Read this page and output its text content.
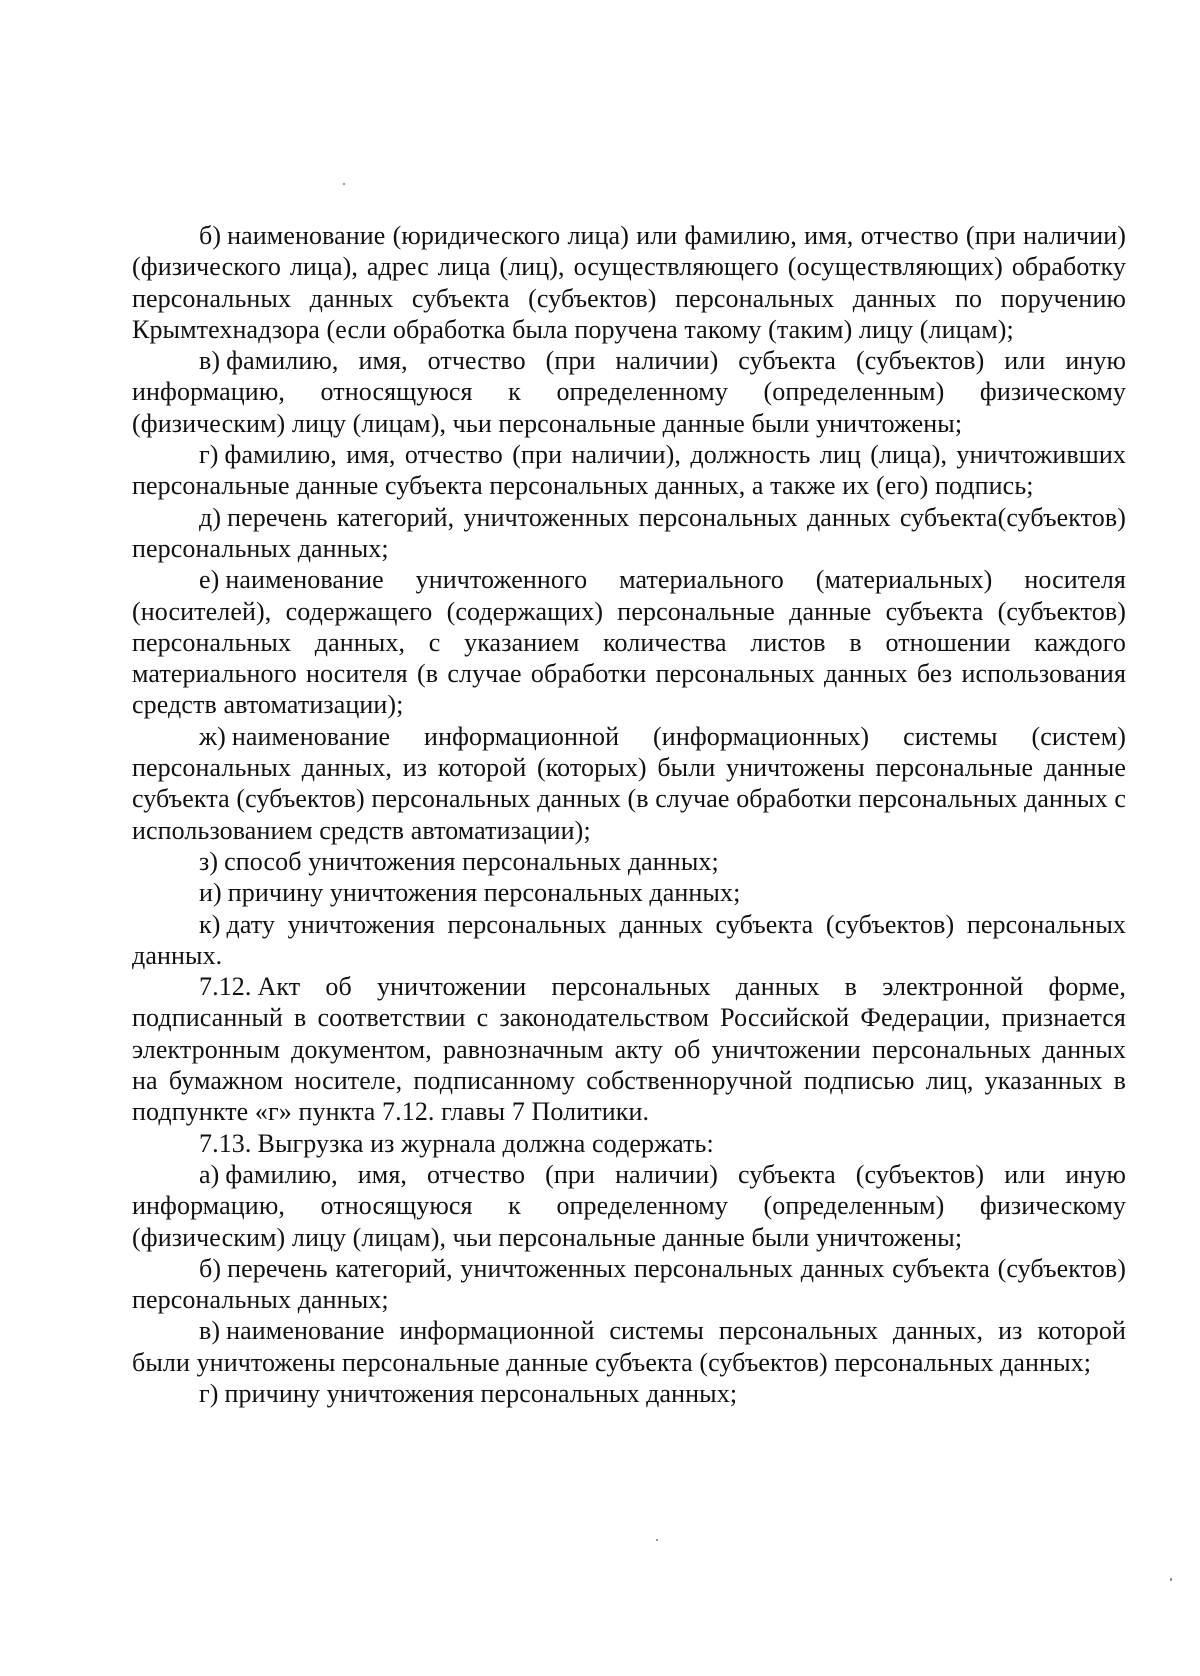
б) наименование (юридического лица) или фамилию, имя, отчество (при наличии) (физического лица), адрес лица (лиц), осуществляющего (осуществляющих) обработку персональных данных субъекта (субъектов) персональных данных по поручению Крымтехнадзора (если обработка была поручена такому (таким) лицу (лицам);

в) фамилию, имя, отчество (при наличии) субъекта (субъектов) или иную информацию, относящуюся к определенному (определенным) физическому (физическим) лицу (лицам), чьи персональные данные были уничтожены;

г) фамилию, имя, отчество (при наличии), должность лиц (лица), уничтоживших персональные данные субъекта персональных данных, а также их (его) подпись;

д) перечень категорий, уничтоженных персональных данных субъекта(субъектов) персональных данных;

е) наименование уничтоженного материального (материальных) носителя (носителей), содержащего (содержащих) персональные данные субъекта (субъектов) персональных данных, с указанием количества листов в отношении каждого материального носителя (в случае обработки персональных данных без использования средств автоматизации);

ж) наименование информационной (информационных) системы (систем) персональных данных, из которой (которых) были уничтожены персональные данные субъекта (субъектов) персональных данных (в случае обработки персональных данных с использованием средств автоматизации);

з) способ уничтожения персональных данных;

и) причину уничтожения персональных данных;

к) дату уничтожения персональных данных субъекта (субъектов) персональных данных.

7.12. Акт об уничтожении персональных данных в электронной форме, подписанный в соответствии с законодательством Российской Федерации, признается электронным документом, равнозначным акту об уничтожении персональных данных на бумажном носителе, подписанному собственноручной подписью лиц, указанных в подпункте «г» пункта 7.12. главы 7 Политики.

7.13. Выгрузка из журнала должна содержать:

а) фамилию, имя, отчество (при наличии) субъекта (субъектов) или иную информацию, относящуюся к определенному (определенным) физическому (физическим) лицу (лицам), чьи персональные данные были уничтожены;

б) перечень категорий, уничтоженных персональных данных субъекта (субъектов) персональных данных;

в) наименование информационной системы персональных данных, из которой были уничтожены персональные данные субъекта (субъектов) персональных данных;

г) причину уничтожения персональных данных;
